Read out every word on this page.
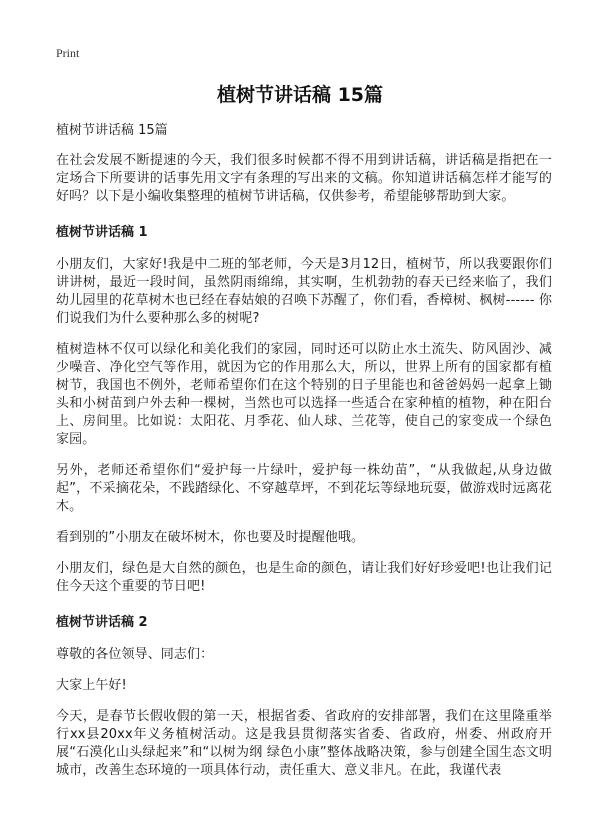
Print
植树节讲话稿 15篇
植树节讲话稿 15篇

在社会发展不断提速的今天，我们很多时候都不得不用到讲话稿，讲话稿是指把在一定场合下所要讲的话事先用文字有条理的写出来的文稿。你知道讲话稿怎样才能写的好吗？以下是小编收集整理的植树节讲话稿，仅供参考，希望能够帮助到大家。

植树节讲话稿 1

小朋友们，大家好!我是中二班的邹老师，今天是3月12日，植树节，所以我要跟你们讲讲树，最近一段时间，虽然阴雨绵绵，其实啊，生机勃勃的春天已经来临了，我们幼儿园里的花草树木也已经在春姑娘的召唤下苏醒了，你们看，香樟树、枫树------ 你们说我们为什么要种那么多的树呢?

植树造林不仅可以绿化和美化我们的家园，同时还可以防止水土流失、防风固沙、减少噪音、净化空气等作用，就因为它的作用那么大，所以，世界上所有的国家都有植树节，我国也不例外，老师希望你们在这个特别的日子里能也和爸爸妈妈一起拿上锄头和小树苗到户外去种一棵树，当然也可以选择一些适合在家种植的植物，种在阳台上、房间里。比如说：太阳花、月季花、仙人球、兰花等，使自己的家变成一个绿色家园。

另外，老师还希望你们“爱护每一片绿叶，爱护每一株幼苗”，“从我做起,从身边做起”，不采摘花朵，不践踏绿化、不穿越草坪，不到花坛等绿地玩耍，做游戏时远离花木。

看到别的”小朋友在破坏树木，你也要及时提醒他哦。

小朋友们，绿色是大自然的颜色，也是生命的颜色，请让我们好好珍爱吧!也让我们记住今天这个重要的节日吧!

植树节讲话稿 2

尊敬的各位领导、同志们：

大家上午好!

今天，是春节长假收假的第一天，根据省委、省政府的安排部署，我们在这里隆重举行xx县20xx年义务植树活动。这是我县贯彻落实省委、省政府，州委、州政府开展“石漠化山头绿起来”和“以树为纲 绿色小康”整体战略决策，参与创建全国生态文明城市，改善生态环境的一项具体行动，责任重大、意义非凡。在此，我谨代表
